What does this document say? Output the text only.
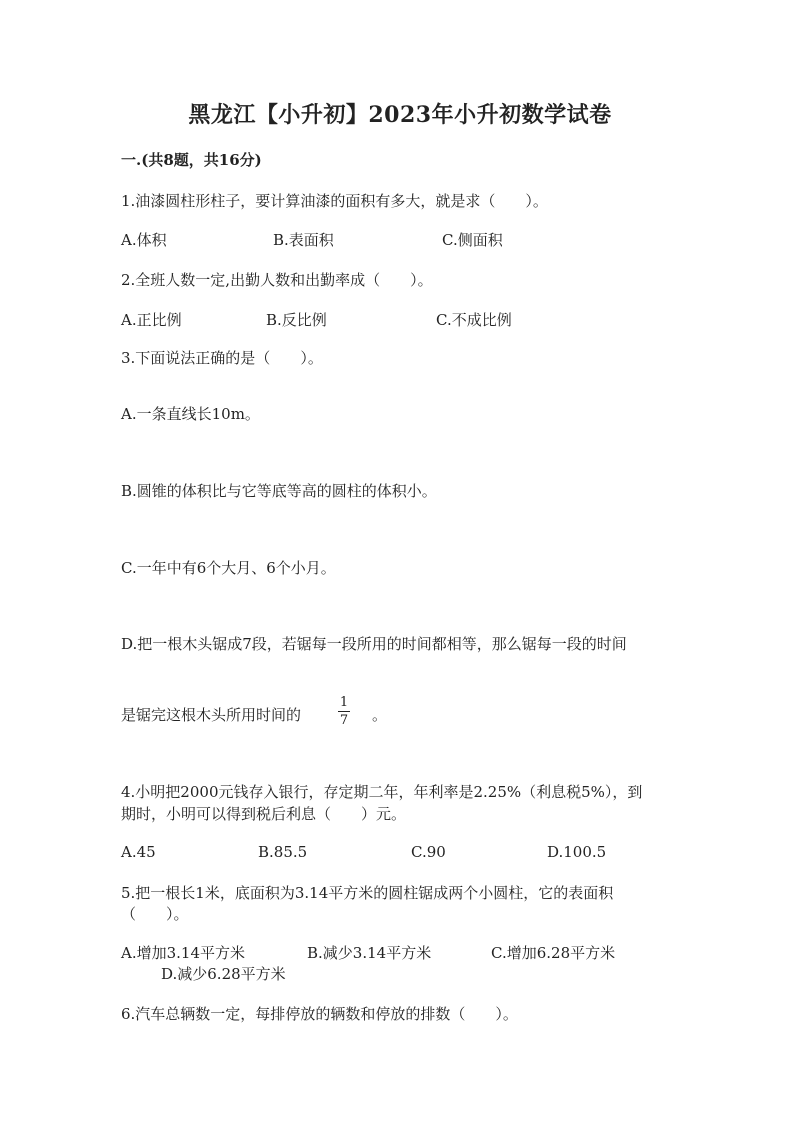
黑龙江【小升初】2023年小升初数学试卷
一.(共8题，共16分)
1.油漆圆柱形柱子，要计算油漆的面积有多大，就是求（　　）。
A.体积	B.表面积	C.侧面积
2.全班人数一定,出勤人数和出勤率成（　　）。
A.正比例	B.反比例	C.不成比例
3.下面说法正确的是（　　）。
A.一条直线长10m。
B.圆锥的体积比与它等底等高的圆柱的体积小。
C.一年中有6个大月、6个小月。
D.把一根木头锯成7段，若锯每一段所用的时间都相等，那么锯每一段的时间
是锯完这根木头所用时间的
1
7 。
4.小明把2000元钱存入银行，存定期二年，年利率是2.25%（利息税5%），到
期时，小明可以得到税后利息（　　）元。
A.45	B.85.5	C.90	D.100.5
5.把一根长1米，底面积为3.14平方米的圆柱锯成两个小圆柱，它的表面积
（　　）。
A.增加3.14平方米	B.减少3.14平方米	C.增加6.28平方米
D.减少6.28平方米
6.汽车总辆数一定，每排停放的辆数和停放的排数（　　）。
